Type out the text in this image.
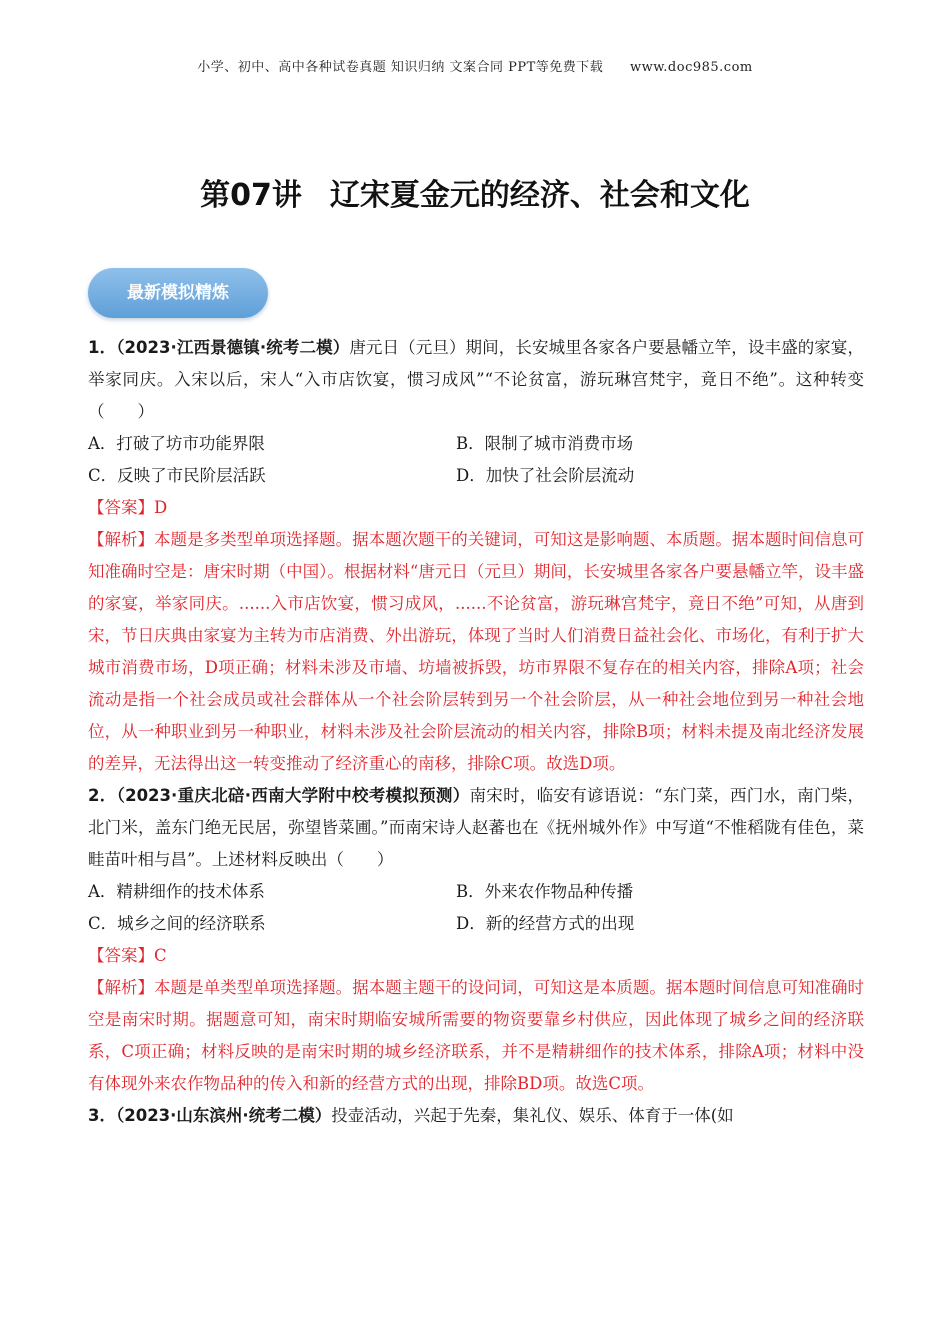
小学、初中、高中各种试卷真题 知识归纳 文案合同 PPT等免费下载 www.doc985.com
第07讲 辽宋夏金元的经济、社会和文化
最新模拟精炼

1．（2023·江西景德镇·统考二模）唐元日（元旦）期间，长安城里各家各户要悬幡立竿，设丰盛的家宴，举家同庆。入宋以后，宋人“入市店饮宴，惯习成风”“不论贫富，游玩琳宫梵宇，竟日不绝”。这种转变（　　）

A．打破了坊市功能界限	B．限制了城市消费市场
C．反映了市民阶层活跃	D．加快了社会阶层流动

【答案】D

【解析】本题是多类型单项选择题。据本题次题干的关键词，可知这是影响题、本质题。据本题时间信息可知准确时空是：唐宋时期（中国）。根据材料“唐元日（元旦）期间，长安城里各家各户要悬幡立竿，设丰盛的家宴，举家同庆。......入市店饮宴，惯习成风，......不论贫富，游玩琳宫梵宇，竟日不绝”可知，从唐到宋，节日庆典由家宴为主转为市店消费、外出游玩，体现了当时人们消费日益社会化、市场化，有利于扩大城市消费市场，D项正确；材料未涉及市墙、坊墙被拆毁，坊市界限不复存在的相关内容，排除A项；社会流动是指一个社会成员或社会群体从一个社会阶层转到另一个社会阶层，从一种社会地位到另一种社会地位，从一种职业到另一种职业，材料未涉及社会阶层流动的相关内容，排除B项；材料未提及南北经济发展的差异，无法得出这一转变推动了经济重心的南移，排除C项。故选D项。

2．（2023·重庆北碚·西南大学附中校考模拟预测）南宋时，临安有谚语说：“东门菜，西门水，南门柴，北门米，盖东门绝无民居，弥望皆菜圃。”而南宋诗人赵蕃也在《抚州城外作》中写道“不惟稻陇有佳色，菜畦苗叶相与昌”。上述材料反映出（　　）

A．精耕细作的技术体系	B．外来农作物品种传播
C．城乡之间的经济联系	D．新的经营方式的出现

【答案】C

【解析】本题是单类型单项选择题。据本题主题干的设问词，可知这是本质题。据本题时间信息可知准确时空是南宋时期。据题意可知，南宋时期临安城所需要的物资要靠乡村供应，因此体现了城乡之间的经济联系，C项正确；材料反映的是南宋时期的城乡经济联系，并不是精耕细作的技术体系，排除A项；材料中没有体现外来农作物品种的传入和新的经营方式的出现，排除BD项。故选C项。

3．（2023·山东滨州·统考二模）投壶活动，兴起于先秦，集礼仪、娱乐、体育于一体(如
